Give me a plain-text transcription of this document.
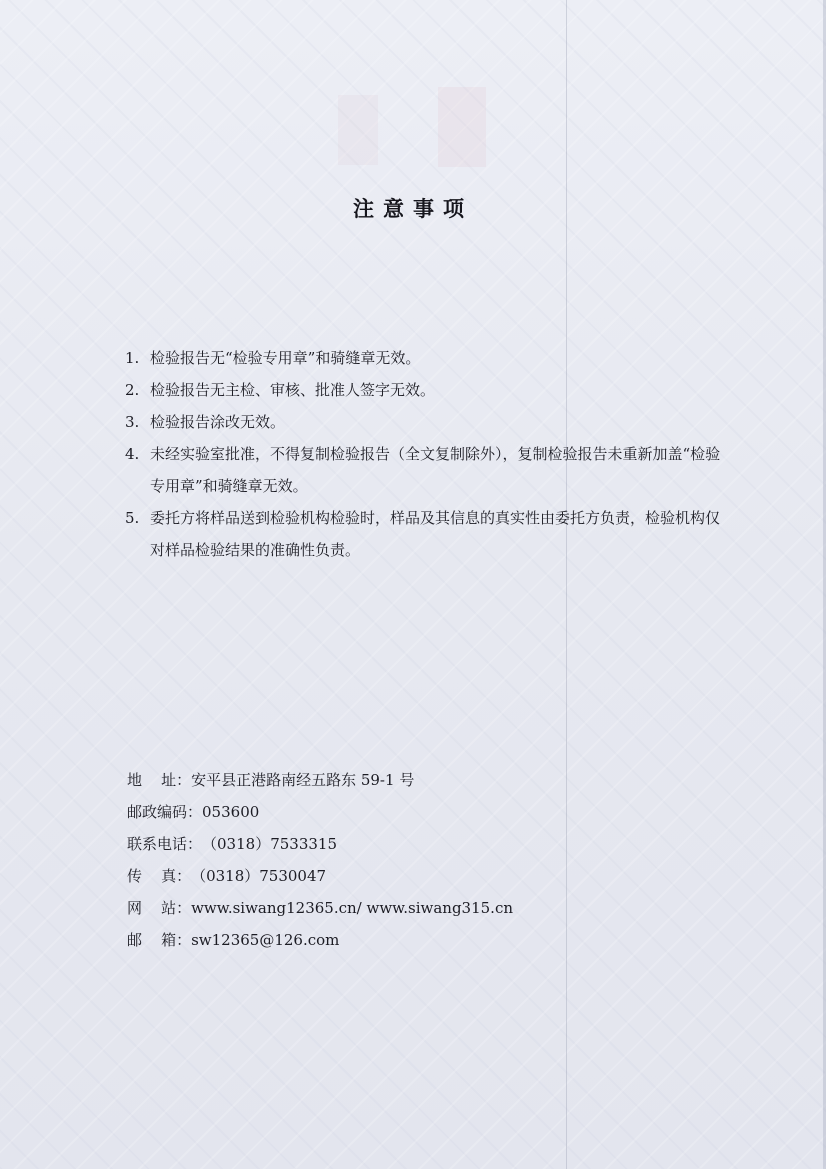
注意事项
1. 检验报告无“检验专用章”和骑缝章无效。
2. 检验报告无主检、审核、批准人签字无效。
3. 检验报告涂改无效。
4. 未经实验室批准，不得复制检验报告（全文复制除外），复制检验报告未重新加盖“检验专用章”和骑缝章无效。
5. 委托方将样品送到检验机构检验时，样品及其信息的真实性由委托方负责，检验机构仅对样品检验结果的准确性负责。
地    址： 安平县正港路南经五路东 59-1 号
邮政编码： 053600
联系电话： （0318）7533315
传    真： （0318）7530047
网    站： www.siwang12365.cn/ www.siwang315.cn
邮    箱： sw12365@126.com
